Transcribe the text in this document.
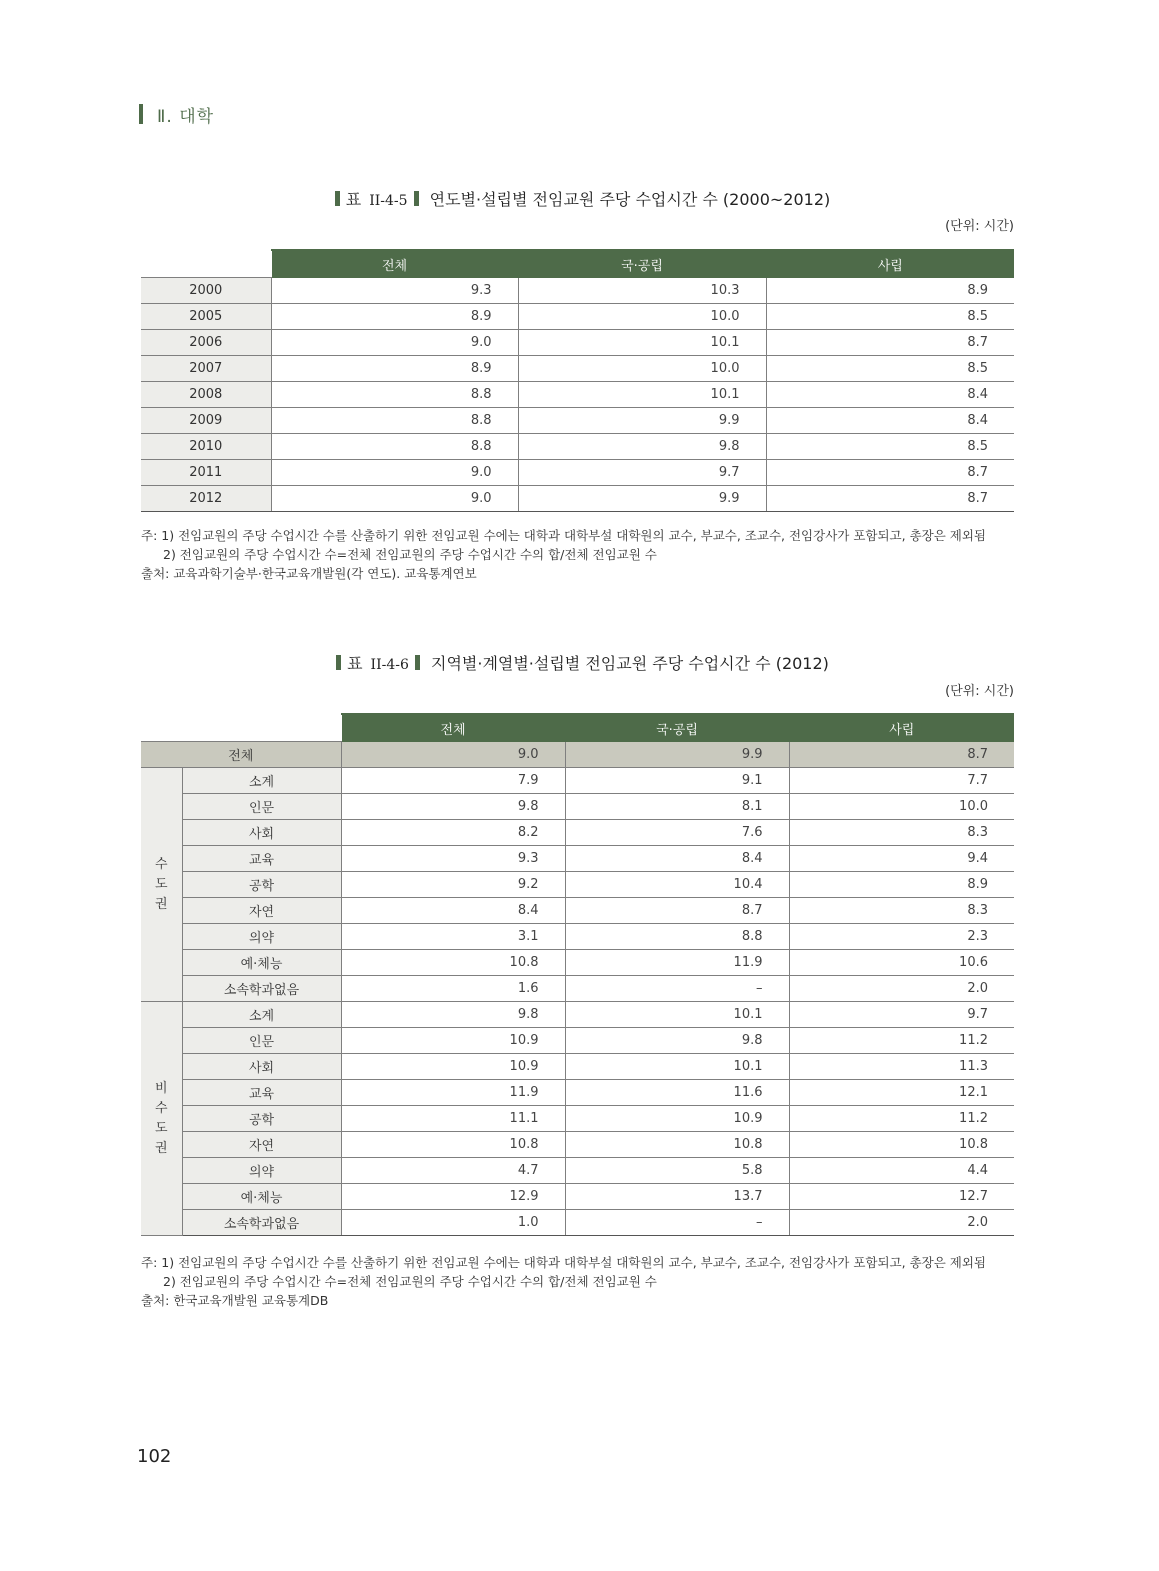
Ⅱ. 대학
표 II-4-5 연도별·설립별 전임교원 주당 수업시간 수 (2000~2012)
(단위: 시간)
	전체	국·공립	사립
2000	9.3	10.3	8.9
2005	8.9	10.0	8.5
2006	9.0	10.1	8.7
2007	8.9	10.0	8.5
2008	8.8	10.1	8.4
2009	8.8	9.9	8.4
2010	8.8	9.8	8.5
2011	9.0	9.7	8.7
2012	9.0	9.9	8.7
주: 1) 전임교원의 주당 수업시간 수를 산출하기 위한 전임교원 수에는 대학과 대학부설 대학원의 교수, 부교수, 조교수, 전임강사가 포함되고, 총장은 제외됨
2) 전임교원의 주당 수업시간 수=전체 전임교원의 주당 수업시간 수의 합/전체 전임교원 수
출처: 교육과학기술부·한국교육개발원(각 연도). 교육통계연보
표 II-4-6 지역별·계열별·설립별 전임교원 주당 수업시간 수 (2012)
(단위: 시간)
		전체	국·공립	사립
전체		9.0	9.9	8.7

수
도
권	소계	7.9	9.1	7.7
	인문	9.8	8.1	10.0
	사회	8.2	7.6	8.3
	교육	9.3	8.4	9.4
	공학	9.2	10.4	8.9
	자연	8.4	8.7	8.3
	의약	3.1	8.8	2.3
	예·체능	10.8	11.9	10.6
	소속학과없음	1.6	–	2.0

비
수
도
권	소계	9.8	10.1	9.7
	인문	10.9	9.8	11.2
	사회	10.9	10.1	11.3
	교육	11.9	11.6	12.1
	공학	11.1	10.9	11.2
	자연	10.8	10.8	10.8
	의약	4.7	5.8	4.4
	예·체능	12.9	13.7	12.7
	소속학과없음	1.0	–	2.0
주: 1) 전임교원의 주당 수업시간 수를 산출하기 위한 전임교원 수에는 대학과 대학부설 대학원의 교수, 부교수, 조교수, 전임강사가 포함되고, 총장은 제외됨
2) 전임교원의 주당 수업시간 수=전체 전임교원의 주당 수업시간 수의 합/전체 전임교원 수
출처: 한국교육개발원 교육통계DB
102
